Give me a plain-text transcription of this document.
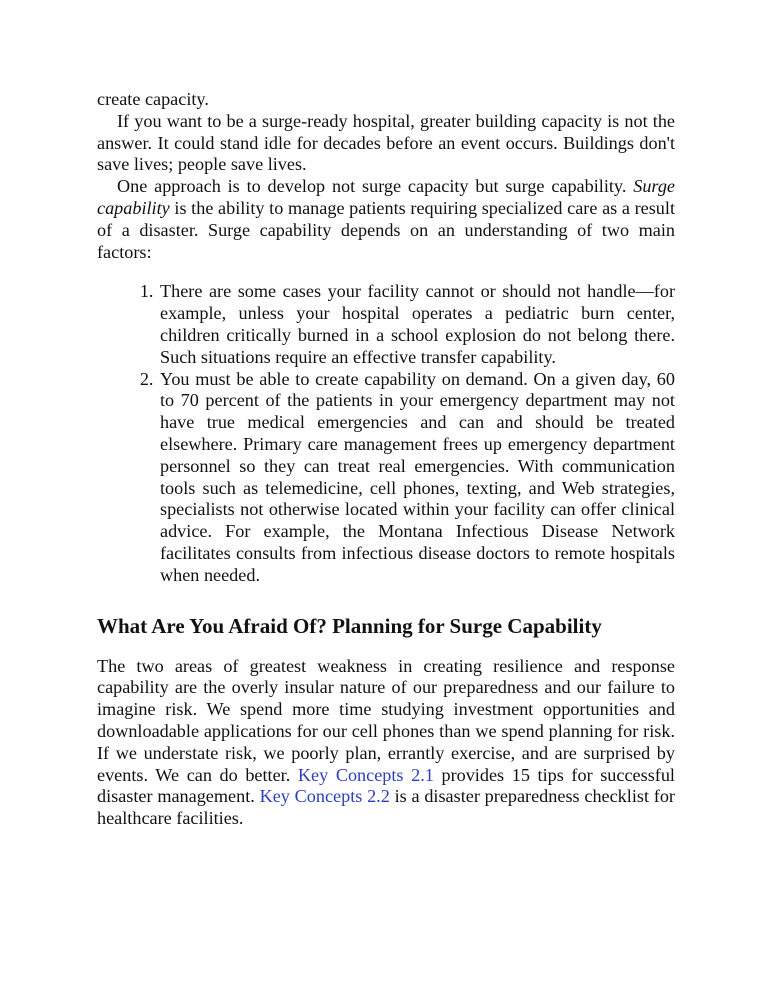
create capacity.

If you want to be a surge-ready hospital, greater building capacity is not the answer. It could stand idle for decades before an event occurs. Buildings don't save lives; people save lives.

One approach is to develop not surge capacity but surge capability. Surge capability is the ability to manage patients requiring specialized care as a result of a disaster. Surge capability depends on an understanding of two main factors:

1. There are some cases your facility cannot or should not handle—for example, unless your hospital operates a pediatric burn center, children critically burned in a school explosion do not belong there. Such situations require an effective transfer capability.
2. You must be able to create capability on demand. On a given day, 60 to 70 percent of the patients in your emergency department may not have true medical emergencies and can and should be treated elsewhere. Primary care management frees up emergency department personnel so they can treat real emergencies. With communication tools such as telemedicine, cell phones, texting, and Web strategies, specialists not otherwise located within your facility can offer clinical advice. For example, the Montana Infectious Disease Network facilitates consults from infectious disease doctors to remote hospitals when needed.
What Are You Afraid Of? Planning for Surge Capability

The two areas of greatest weakness in creating resilience and response capability are the overly insular nature of our preparedness and our failure to imagine risk. We spend more time studying investment opportunities and downloadable applications for our cell phones than we spend planning for risk. If we understate risk, we poorly plan, errantly exercise, and are surprised by events. We can do better. Key Concepts 2.1 provides 15 tips for successful disaster management. Key Concepts 2.2 is a disaster preparedness checklist for healthcare facilities.
